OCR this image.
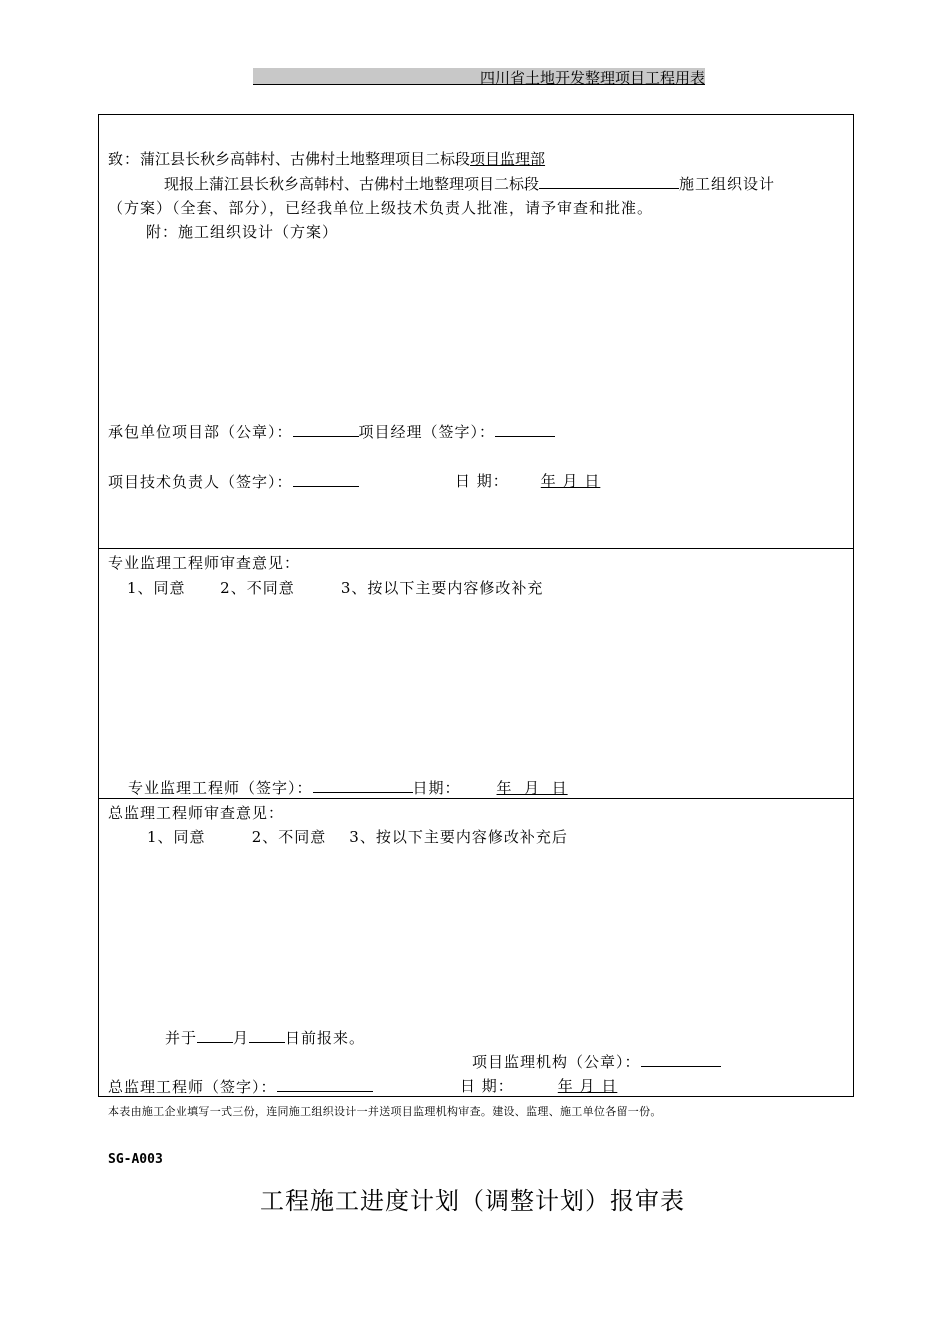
四川省土地开发整理项目工程用表
致：蒲江县长秋乡高韩村、古佛村土地整理项目二标段项目监理部
现报上蒲江县长秋乡高韩村、古佛村土地整理项目二标段	施工组织设计
（方案）（全套、部分），已经我单位上级技术负责人批准，请予审查和批准。
附：施工组织设计（方案）
承包单位项目部（公章）：	项目经理（签字）：
项目技术负责人（签字）：	日 期： 年 月 日
专业监理工程师审查意见：
1、同意      2、不同意        3、按以下主要内容修改补充
专业监理工程师（签字）：	日期： 年  月  日
总监理工程师审查意见：
1、同意        2、不同意    3、按以下主要内容修改补充后
并于 月 日前报来。
项目监理机构（公章）：
总监理工程师（签字）：	日 期：	年 月 日
本表由施工企业填写一式三份，连同施工组织设计一并送项目监理机构审查。建设、监理、施工单位各留一份。
SG-A003
工程施工进度计划（调整计划）报审表
